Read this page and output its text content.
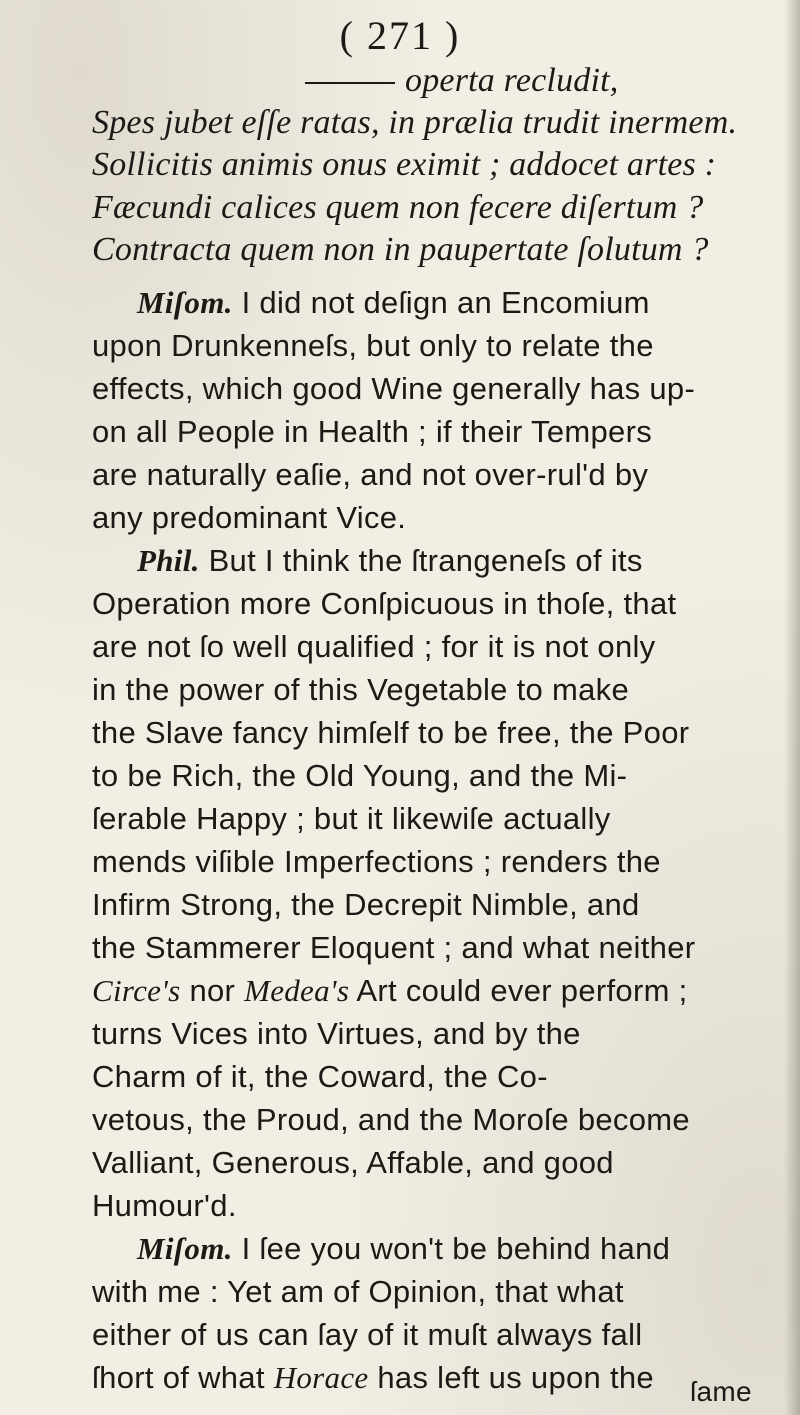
( 271 )
operta recludit,
Spes jubet eſſe ratas, in prælia trudit inermem.
Sollicitis animis onus eximit ; addocet artes :
Fæcundi calices quem non fecere diſertum ?
Contracta quem non in paupertate ſolutum ?
Miſom. I did not deſign an Encomium
upon Drunkenneſs, but only to relate the
effects, which good Wine generally has up-
on all People in Health ; if their Tempers
are naturally eaſie, and not over-rul'd by
any predominant Vice.
Phil. But I think the ſtrangeneſs of its
Operation more Conſpicuous in thoſe, that
are not ſo well qualified ; for it is not only
in the power of this Vegetable to make
the Slave fancy himſelf to be free, the Poor
to be Rich, the Old Young, and the Mi-
ſerable Happy ; but it likewiſe actually
mends viſible Imperfections ; renders the
Infirm Strong, the Decrepit Nimble, and
the Stammerer Eloquent ; and what neither
Circe's nor Medea's Art could ever perform ;
turns Vices into Virtues, and by the
Charm of it, the Coward, the Co-
vetous, the Proud, and the Moroſe become
Valliant, Generous, Affable, and good
Humour'd.
Miſom. I ſee you won't be behind hand
with me : Yet am of Opinion, that what
either of us can ſay of it muſt always fall
ſhort of what Horace has left us upon the ſame
